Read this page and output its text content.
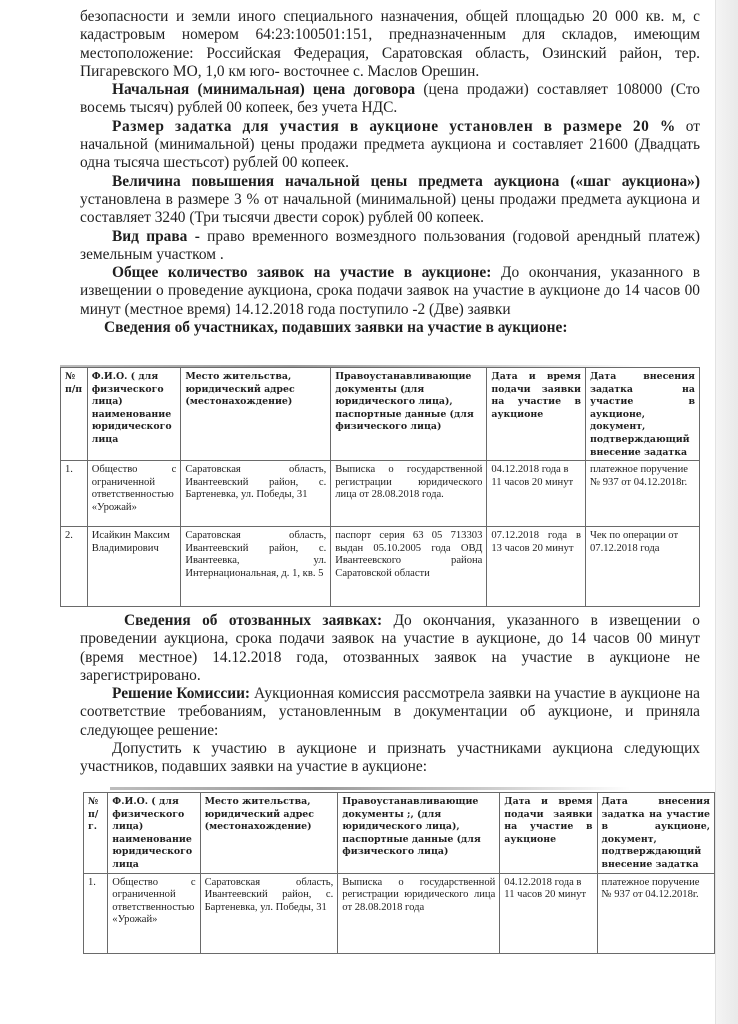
безопасности и земли иного специального назначения, общей площадью 20 000 кв. м, с кадастровым номером 64:23:100501:151, предназначенным для складов, имеющим местоположение: Российская Федерация, Саратовская область, Озинский район, тер. Пигаревского МО, 1,0 км юго- восточнее с. Маслов Орешин.

Начальная (минимальная) цена договора (цена продажи) составляет 108000 (Сто восемь тысяч) рублей 00 копеек, без учета НДС.

Размер задатка для участия в аукционе установлен в размере 20 % от начальной (минимальной) цены продажи предмета аукциона и составляет 21600 (Двадцать одна тысяча шестьсот) рублей 00 копеек.

Величина повышения начальной цены предмета аукциона («шаг аукциона») установлена в размере 3 % от начальной (минимальной) цены продажи предмета аукциона и составляет 3240 (Три тысячи двести сорок) рублей 00 копеек.

Вид права - право временного возмездного пользования (годовой арендный платеж) земельным участком .

Общее количество заявок на участие в аукционе: До окончания, указанного в извещении о проведение аукциона, срока подачи заявок на участие в аукционе до 14 часов 00 минут (местное время) 14.12.2018 года поступило -2 (Две) заявки

Сведения об участниках, подавших заявки на участие в аукционе:

№ п/п	Ф.И.О. ( для физического лица) наименование юридического лица	Место жительства, юридический адрес (местонахождение)	Правоустанавливающие документы (для юридического лица), паспортные данные (для физического лица)	Дата и время подачи заявки на участие в аукционе	Дата внесения задатка на участие в аукционе, документ, подтверждающий внесение задатка
1.	Общество с ограниченной ответственностью «Урожай»	Саратовская область, Ивантеевский район, с. Бартеневка, ул. Победы, 31	Выписка о государственной регистрации юридического лица от 28.08.2018 года.	04.12.2018 года в 11 часов 20 минут	платежное поручение № 937 от 04.12.2018г.
2.	Исайкин Максим Владимирович	Саратовская область, Ивантеевский район, с. Ивантеевка, ул. Интернациональная, д. 1, кв. 5	паспорт серия 63 05 713303 выдан 05.10.2005 года ОВД Ивантеевского района Саратовской области	07.12.2018 года в 13 часов 20 минут	Чек по операции от 07.12.2018 года

Сведения об отозванных заявках: До окончания, указанного в извещении о проведении аукциона, срока подачи заявок на участие в аукционе, до 14 часов 00 минут (время местное) 14.12.2018 года, отозванных заявок на участие в аукционе не зарегистрировано.

Решение Комиссии: Аукционная комиссия рассмотрела заявки на участие в аукционе на соответствие требованиям, установленным в документации об аукционе, и приняла следующее решение:

Допустить к участию в аукционе и признать участниками аукциона следующих участников, подавших заявки на участие в аукционе:

№ п/г.	Ф.И.О. ( для физического лица) наименование юридического лица	Место жительства, юридический адрес (местонахождение)	Правоустанавливающие документы ;, (для юридического лица), паспортные данные (для физического лица)	Дата и время подачи заявки на участие в аукционе	Дата внесения задатка на участие в аукционе, документ, подтверждающий внесение задатка
1.	Общество с ограниченной ответственностью «Урожай»	Саратовская область, Ивантеевский район, с. Бартеневка, ул. Победы, 31	Выписка о государственной регистрации юридического лица от 28.08.2018 года	04.12.2018 года в 11 часов 20 минут	платежное поручение № 937 от 04.12.2018г.
